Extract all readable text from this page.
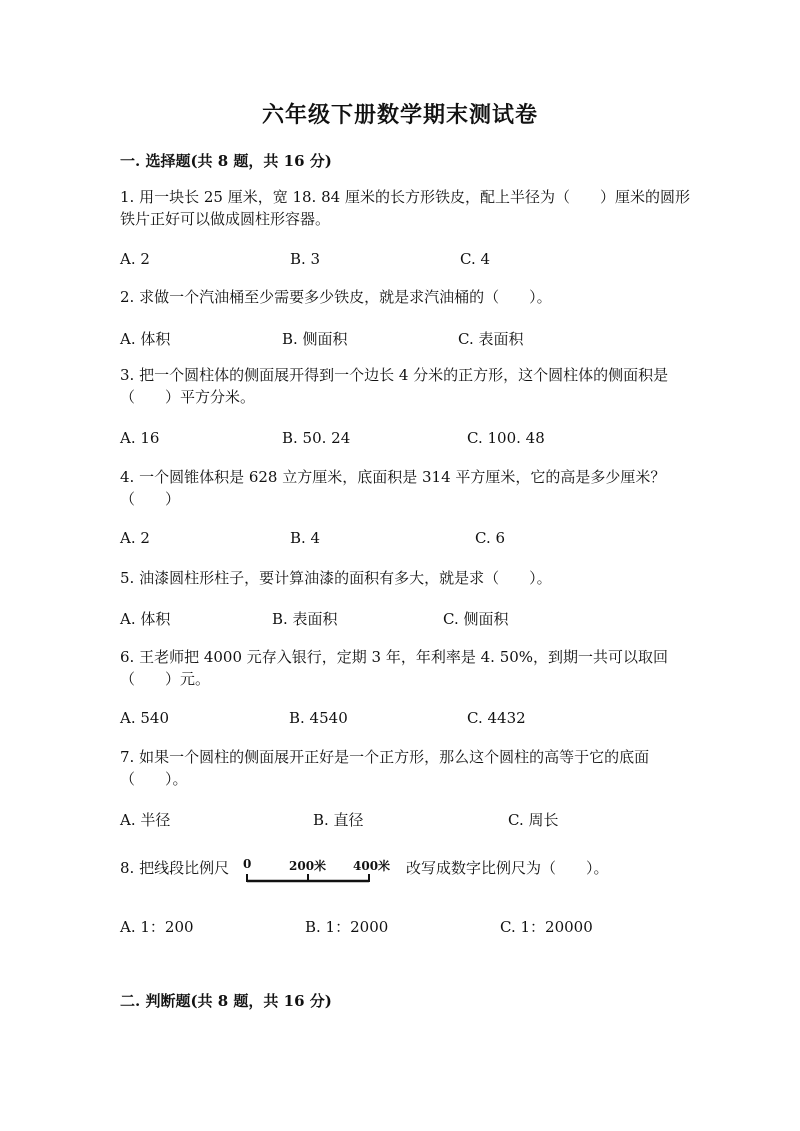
六年级下册数学期末测试卷
一. 选择题(共 8 题，共 16 分)
1. 用一块长 25 厘米，宽 18. 84 厘米的长方形铁皮，配上半径为（　　）厘米的圆形铁片正好可以做成圆柱形容器。
A. 2	B. 3	C. 4
2. 求做一个汽油桶至少需要多少铁皮，就是求汽油桶的（　　）。
A. 体积	B. 侧面积	C. 表面积
3. 把一个圆柱体的侧面展开得到一个边长 4 分米的正方形，这个圆柱体的侧面积是（　　）平方分米。
A. 16	B. 50. 24	C. 100. 48
4. 一个圆锥体积是 628 立方厘米，底面积是 314 平方厘米，它的高是多少厘米？（　　）
A. 2	B. 4	C. 6
5. 油漆圆柱形柱子，要计算油漆的面积有多大，就是求（　　）。
A. 体积	B. 表面积	C. 侧面积
6. 王老师把 4000 元存入银行，定期 3 年，年利率是 4. 50%，到期一共可以取回（　　）元。
A. 540	B. 4540	C. 4432
7. 如果一个圆柱的侧面展开正好是一个正方形，那么这个圆柱的高等于它的底面（　　）。
A. 半径	B. 直径	C. 周长
8. 把线段比例尺 0	200米 400米 改写成数字比例尺为（　　）。
A. 1：200	B. 1：2000	C. 1：20000
二. 判断题(共 8 题，共 16 分)
